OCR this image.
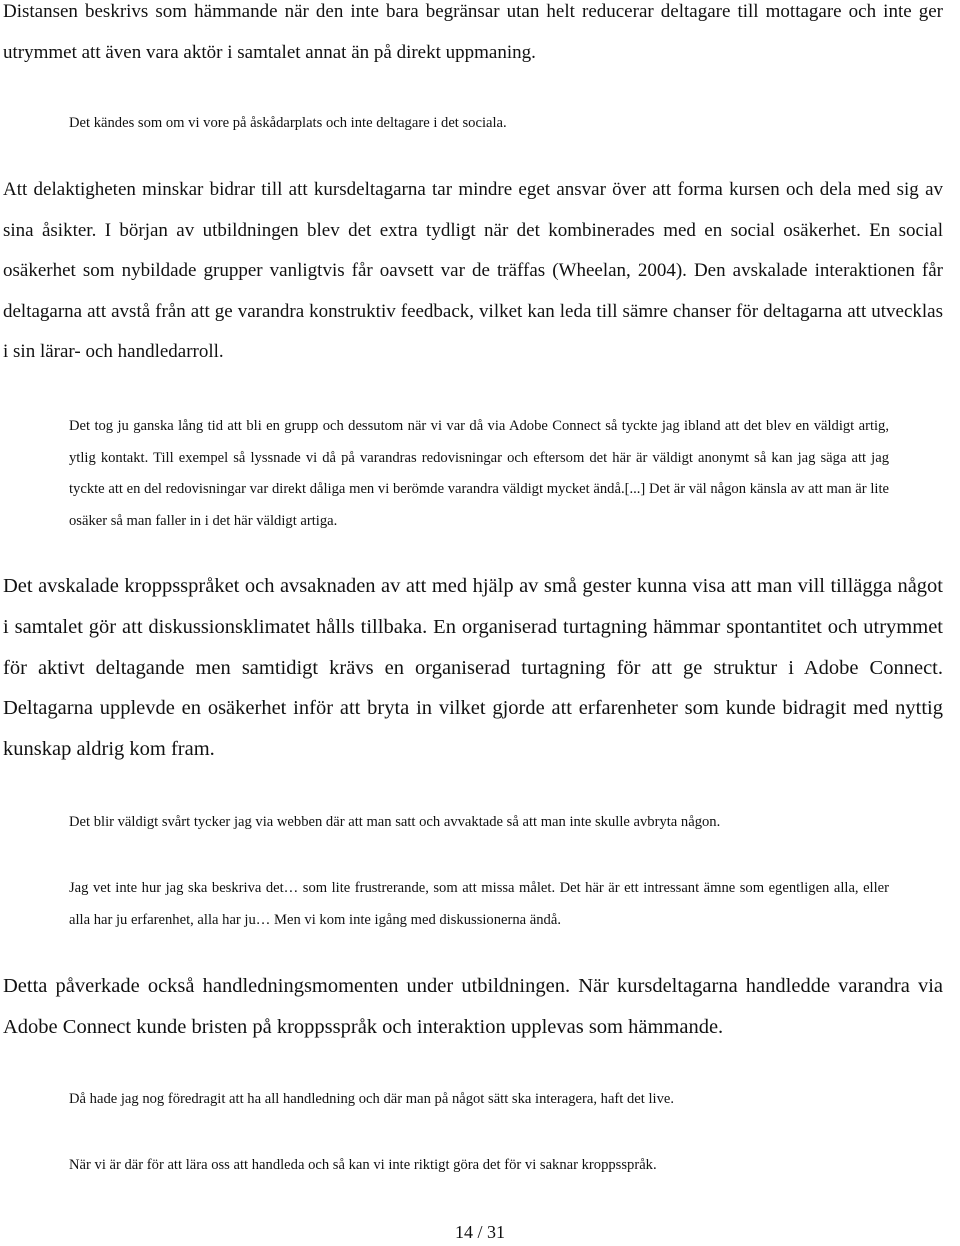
Distansen beskrivs som hämmande när den inte bara begränsar utan helt reducerar deltagare till mottagare och inte ger utrymmet att även vara aktör i samtalet annat än på direkt uppmaning.

Det kändes som om vi vore på åskådarplats och inte deltagare i det sociala.

Att delaktigheten minskar bidrar till att kursdeltagarna tar mindre eget ansvar över att forma kursen och dela med sig av sina åsikter. I början av utbildningen blev det extra tydligt när det kombinerades med en social osäkerhet. En social osäkerhet som nybildade grupper vanligtvis får oavsett var de träffas (Wheelan, 2004). Den avskalade interaktionen får deltagarna att avstå från att ge varandra konstruktiv feedback, vilket kan leda till sämre chanser för deltagarna att utvecklas i sin lärar- och handledarroll.

Det tog ju ganska lång tid att bli en grupp och dessutom när vi var då via Adobe Connect så tyckte jag ibland att det blev en väldigt artig, ytlig kontakt. Till exempel så lyssnade vi då på varandras redovisningar och eftersom det här är väldigt anonymt så kan jag säga att jag tyckte att en del redovisningar var direkt dåliga men vi berömde varandra väldigt mycket ändå.[...] Det är väl någon känsla av att man är lite osäker så man faller in i det här väldigt artiga.

Det avskalade kroppsspråket och avsaknaden av att med hjälp av små gester kunna visa att man vill tillägga något i samtalet gör att diskussionsklimatet hålls tillbaka. En organiserad turtagning hämmar spontantitet och utrymmet för aktivt deltagande men samtidigt krävs en organiserad turtagning för att ge struktur i Adobe Connect. Deltagarna upplevde en osäkerhet inför att bryta in vilket gjorde att erfarenheter som kunde bidragit med nyttig kunskap aldrig kom fram.

Det blir väldigt svårt tycker jag via webben där att man satt och avvaktade så att man inte skulle avbryta någon.

Jag vet inte hur jag ska beskriva det… som lite frustrerande, som att missa målet. Det här är ett intressant ämne som egentligen alla, eller alla har ju erfarenhet, alla har ju… Men vi kom inte igång med diskussionerna ändå.

Detta påverkade också handledningsmomenten under utbildningen. När kursdeltagarna handledde varandra via Adobe Connect kunde bristen på kroppsspråk och interaktion upplevas som hämmande.

Då hade jag nog föredragit att ha all handledning och där man på något sätt ska interagera, haft det live.

När vi är där för att lära oss att handleda och så kan vi inte riktigt göra det för vi saknar kroppsspråk.

14 / 31
